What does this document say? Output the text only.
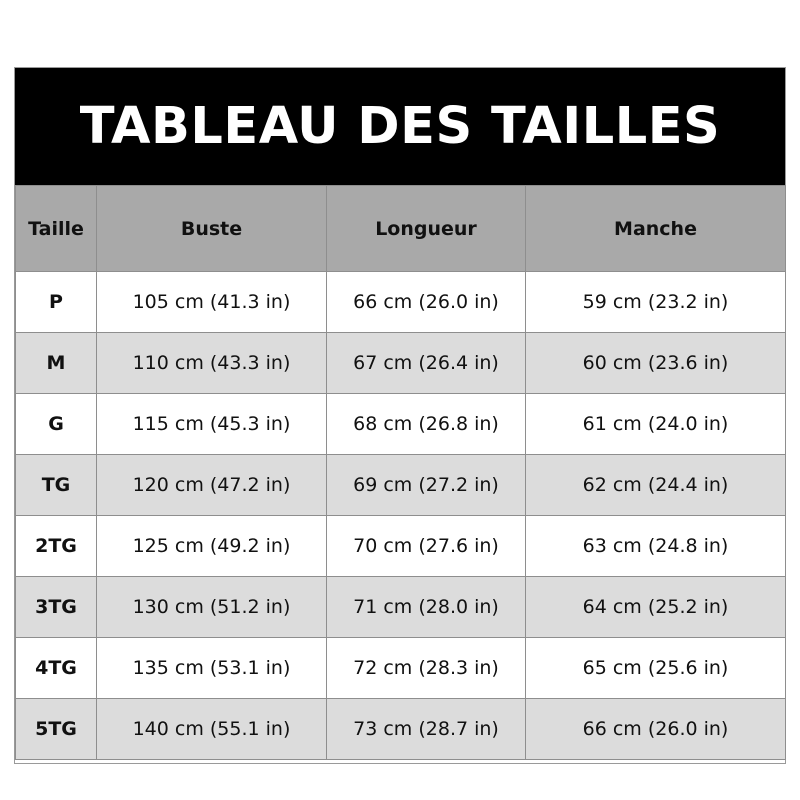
TABLEAU DES TAILLES
Taille	Buste	Longueur	Manche
P	105 cm (41.3 in)	66 cm (26.0 in)	59 cm (23.2 in)
M	110 cm (43.3 in)	67 cm (26.4 in)	60 cm (23.6 in)
G	115 cm (45.3 in)	68 cm (26.8 in)	61 cm (24.0 in)
TG	120 cm (47.2 in)	69 cm (27.2 in)	62 cm (24.4 in)
2TG	125 cm (49.2 in)	70 cm (27.6 in)	63 cm (24.8 in)
3TG	130 cm (51.2 in)	71 cm (28.0 in)	64 cm (25.2 in)
4TG	135 cm (53.1 in)	72 cm (28.3 in)	65 cm (25.6 in)
5TG	140 cm (55.1 in)	73 cm (28.7 in)	66 cm (26.0 in)
